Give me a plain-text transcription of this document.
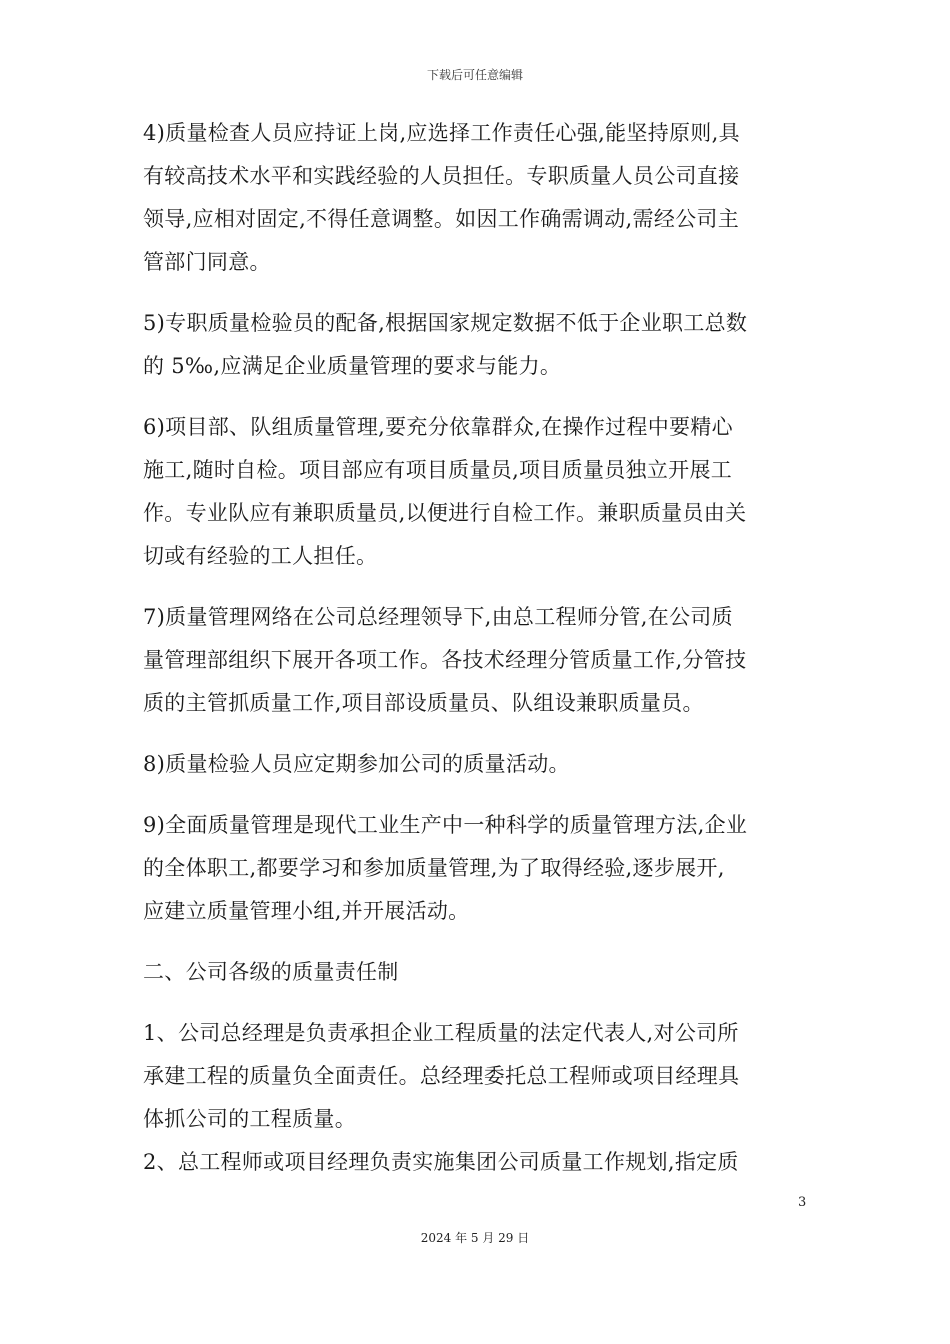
下载后可任意编辑

4)质量检查人员应持证上岗,应选择工作责任心强,能坚持原则,具
有较高技术水平和实践经验的人员担任。专职质量人员公司直接
领导,应相对固定,不得任意调整。如因工作确需调动,需经公司主
管部门同意。

5)专职质量检验员的配备,根据国家规定数据不低于企业职工总数
的 5‰,应满足企业质量管理的要求与能力。

6)项目部、队组质量管理,要充分依靠群众,在操作过程中要精心
施工,随时自检。项目部应有项目质量员,项目质量员独立开展工
作。专业队应有兼职质量员,以便进行自检工作。兼职质量员由关
切或有经验的工人担任。

7)质量管理网络在公司总经理领导下,由总工程师分管,在公司质
量管理部组织下展开各项工作。各技术经理分管质量工作,分管技
质的主管抓质量工作,项目部设质量员、队组设兼职质量员。

8)质量检验人员应定期参加公司的质量活动。

9)全面质量管理是现代工业生产中一种科学的质量管理方法,企业
的全体职工,都要学习和参加质量管理,为了取得经验,逐步展开,
应建立质量管理小组,并开展活动。

二、公司各级的质量责任制

1、公司总经理是负责承担企业工程质量的法定代表人,对公司所
承建工程的质量负全面责任。总经理委托总工程师或项目经理具
体抓公司的工程质量。
2、总工程师或项目经理负责实施集团公司质量工作规划,指定质

3
2024 年 5 月 29 日
